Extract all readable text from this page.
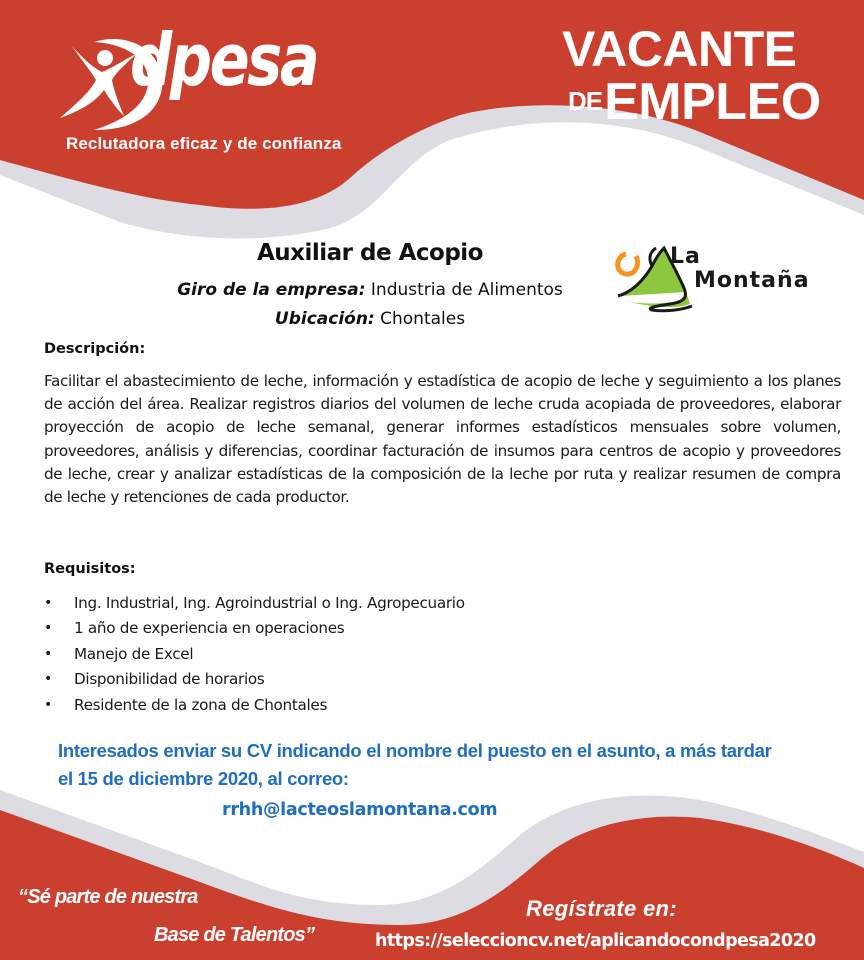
dpesa
Reclutadora eficaz y de confianza
VACANTE
DE EMPLEO
Auxiliar de Acopio
Giro de la empresa: Industria de Alimentos
Ubicación: Chontales
La
Montaña
Descripción:
Facilitar el abastecimiento de leche, información y estadística de acopio de leche y seguimiento a los planes de acción del área. Realizar registros diarios del volumen de leche cruda acopiada de proveedores, elaborar proyección de acopio de leche semanal, generar informes estadísticos mensuales sobre volumen, proveedores, análisis y diferencias, coordinar facturación de insumos para centros de acopio y proveedores de leche, crear y analizar estadísticas de la composición de la leche por ruta y realizar resumen de compra de leche y retenciones de cada productor.
Requisitos:
•	Ing. Industrial, Ing. Agroindustrial o Ing. Agropecuario
•	1 año de experiencia en operaciones
•	Manejo de Excel
•	Disponibilidad de horarios
•	Residente de la zona de Chontales
Interesados enviar su CV indicando el nombre del puesto en el asunto, a más tardar el 15 de diciembre 2020, al correo:
rrhh@lacteoslamontana.com
“Sé parte de nuestra
Base de Talentos”
Regístrate en:
https://seleccioncv.net/aplicandocondpesa2020
